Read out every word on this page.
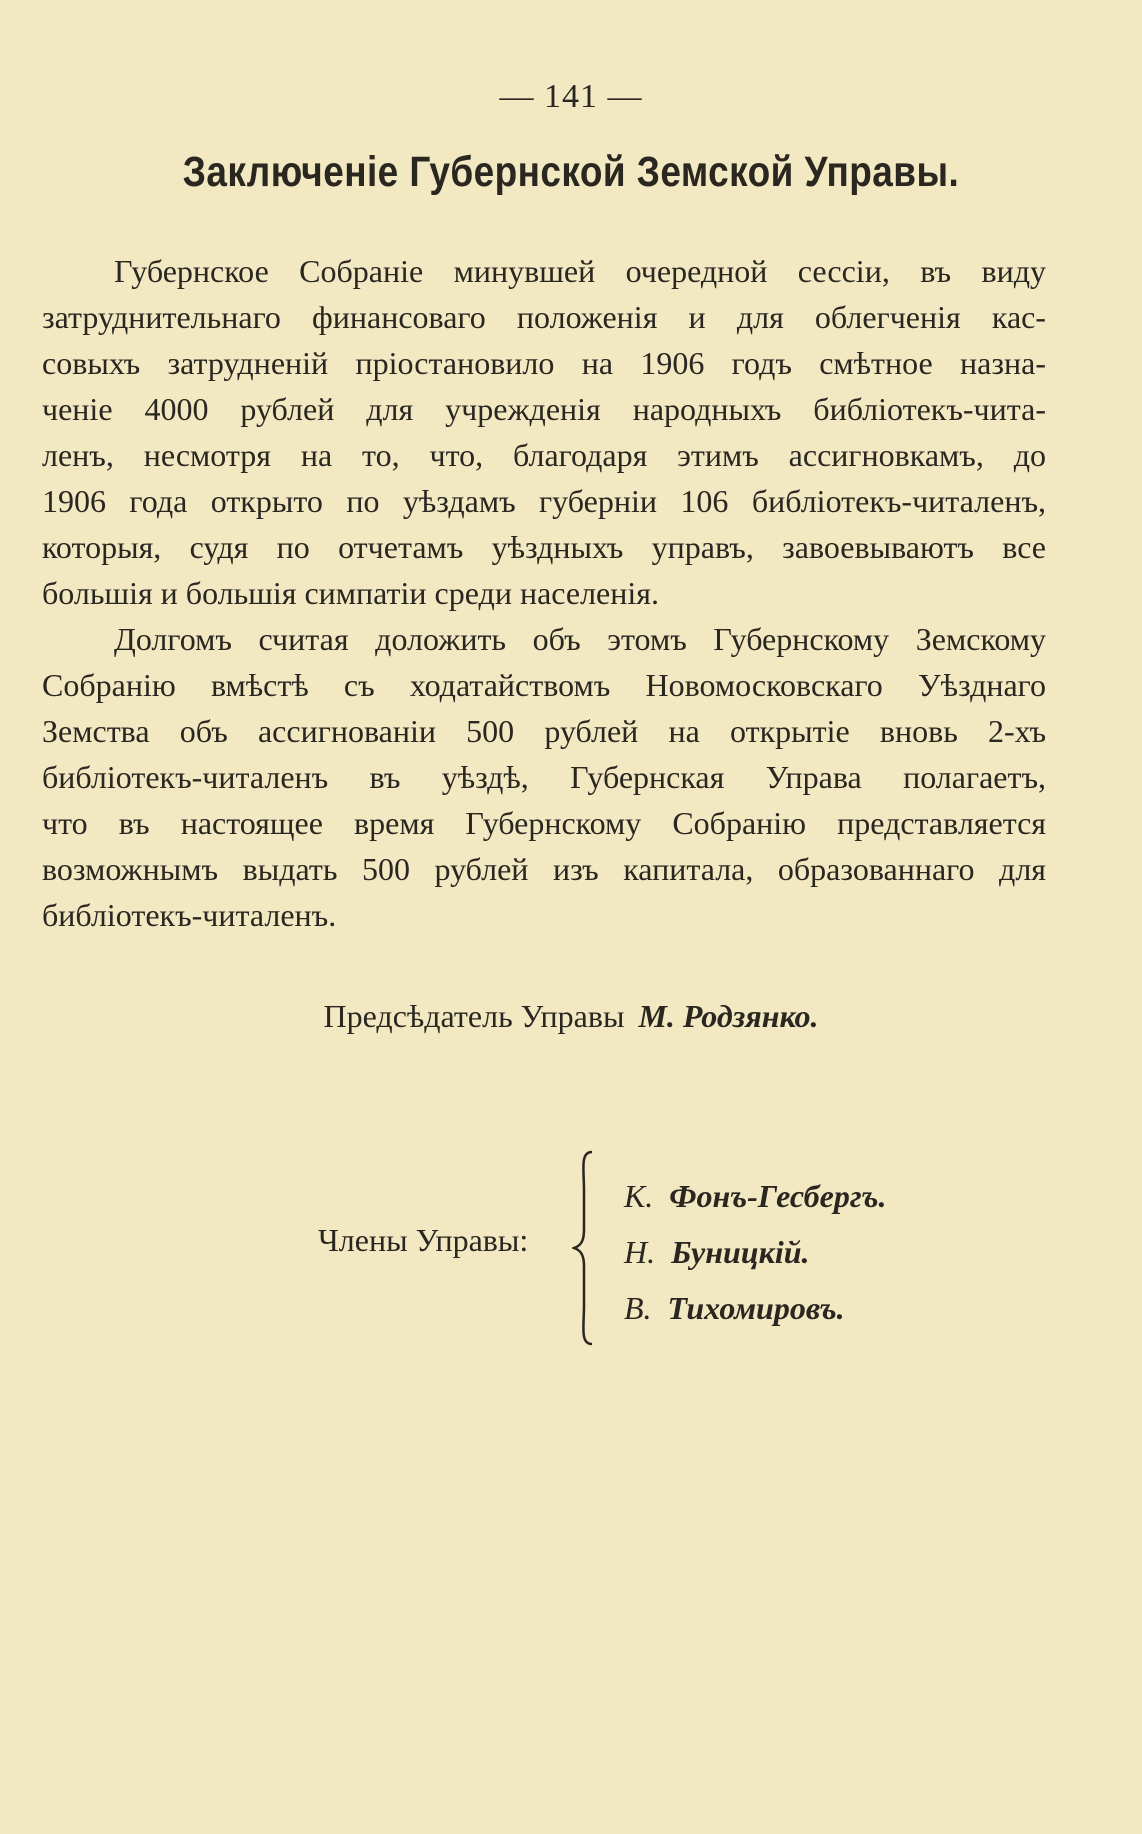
— 141 —
Заключеніе Губернской Земской Управы.
Губернское Собраніе минувшей очередной сессіи, въ виду
затруднительнаго финансоваго положенія и для облегченія кас-
совыхъ затрудненій пріостановило на 1906 годъ смѣтное назна-
ченіе 4000 рублей для учрежденія народныхъ библіотекъ-чита-
ленъ, несмотря на то, что, благодаря этимъ ассигновкамъ, до
1906 года открыто по уѣздамъ губерніи 106 библіотекъ-читаленъ,
которыя, судя по отчетамъ уѣздныхъ управъ, завоевываютъ все
большія и большія симпатіи среди населенія.
Долгомъ считая доложить объ этомъ Губернскому Земскому
Собранію вмѣстѣ съ ходатайствомъ Новомосковскаго Уѣзднаго
Земства объ ассигнованіи 500 рублей на открытіе вновь 2-хъ
библіотекъ-читаленъ въ уѣздѣ, Губернская Управа полагаетъ,
что въ настоящее время Губернскому Собранію представляется
возможнымъ выдать 500 рублей изъ капитала, образованнаго для
библіотекъ-читаленъ.
Предсѣдатель Управы М. Родзянко.
Члены Управы:
К. Фонъ-Гесбергъ.
Н. Буницкій.
В. Тихомировъ.
